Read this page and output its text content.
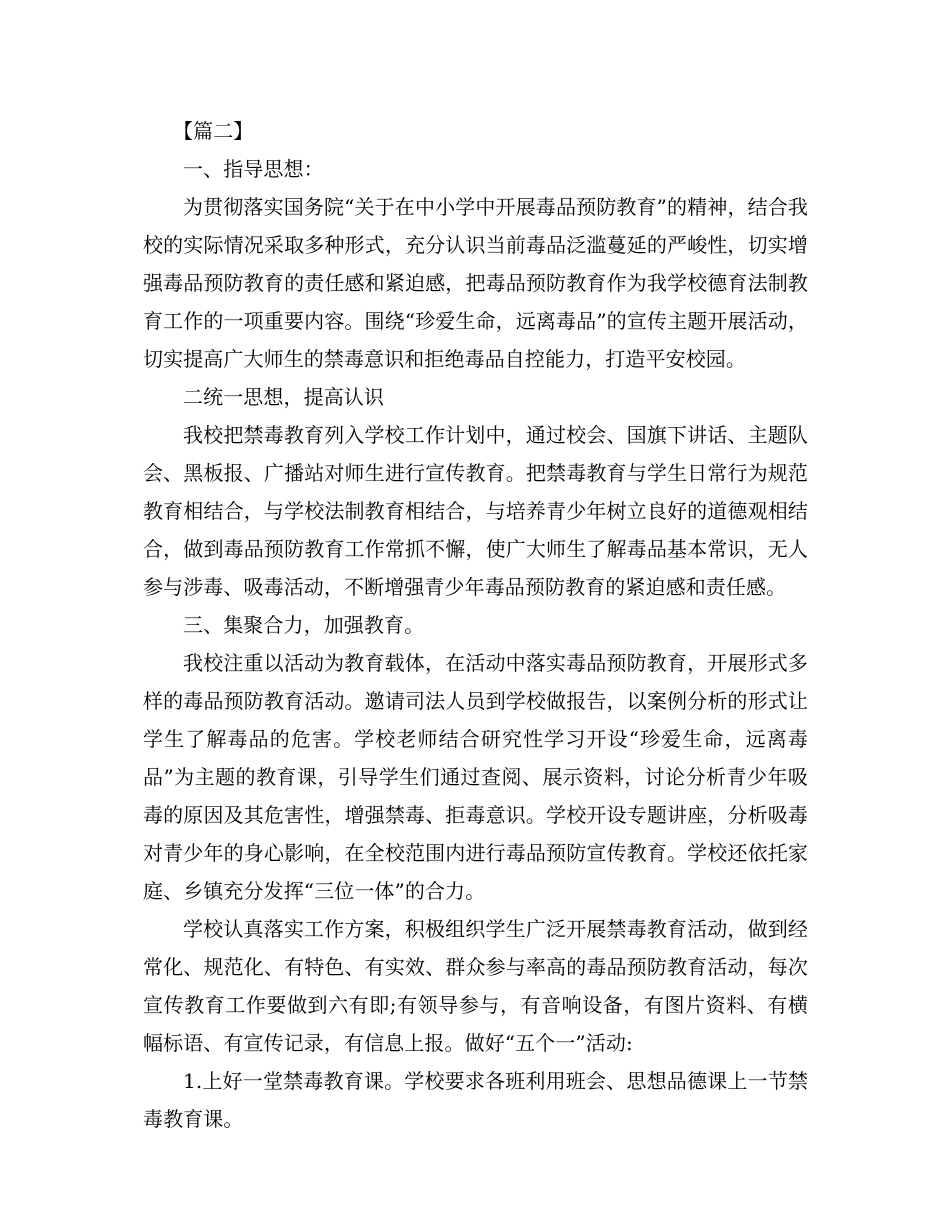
【篇二】

一、指导思想：

为贯彻落实国务院“关于在中小学中开展毒品预防教育”的精神，结合我校的实际情况采取多种形式，充分认识当前毒品泛滥蔓延的严峻性，切实增强毒品预防教育的责任感和紧迫感，把毒品预防教育作为我学校德育法制教育工作的一项重要内容。围绕“珍爱生命，远离毒品”的宣传主题开展活动，切实提高广大师生的禁毒意识和拒绝毒品自控能力，打造平安校园。

二统一思想，提高认识

我校把禁毒教育列入学校工作计划中，通过校会、国旗下讲话、主题队会、黑板报、广播站对师生进行宣传教育。把禁毒教育与学生日常行为规范教育相结合，与学校法制教育相结合，与培养青少年树立良好的道德观相结合，做到毒品预防教育工作常抓不懈，使广大师生了解毒品基本常识，无人参与涉毒、吸毒活动，不断增强青少年毒品预防教育的紧迫感和责任感。

三、集聚合力，加强教育。

我校注重以活动为教育载体，在活动中落实毒品预防教育，开展形式多样的毒品预防教育活动。邀请司法人员到学校做报告，以案例分析的形式让学生了解毒品的危害。学校老师结合研究性学习开设“珍爱生命，远离毒品”为主题的教育课，引导学生们通过查阅、展示资料，讨论分析青少年吸毒的原因及其危害性，增强禁毒、拒毒意识。学校开设专题讲座，分析吸毒对青少年的身心影响，在全校范围内进行毒品预防宣传教育。学校还依托家庭、乡镇充分发挥“三位一体”的合力。

学校认真落实工作方案，积极组织学生广泛开展禁毒教育活动，做到经常化、规范化、有特色、有实效、群众参与率高的毒品预防教育活动，每次宣传教育工作要做到六有即;有领导参与，有音响设备，有图片资料、有横幅标语、有宣传记录，有信息上报。做好“五个一”活动:

1.上好一堂禁毒教育课。学校要求各班利用班会、思想品德课上一节禁毒教育课。
